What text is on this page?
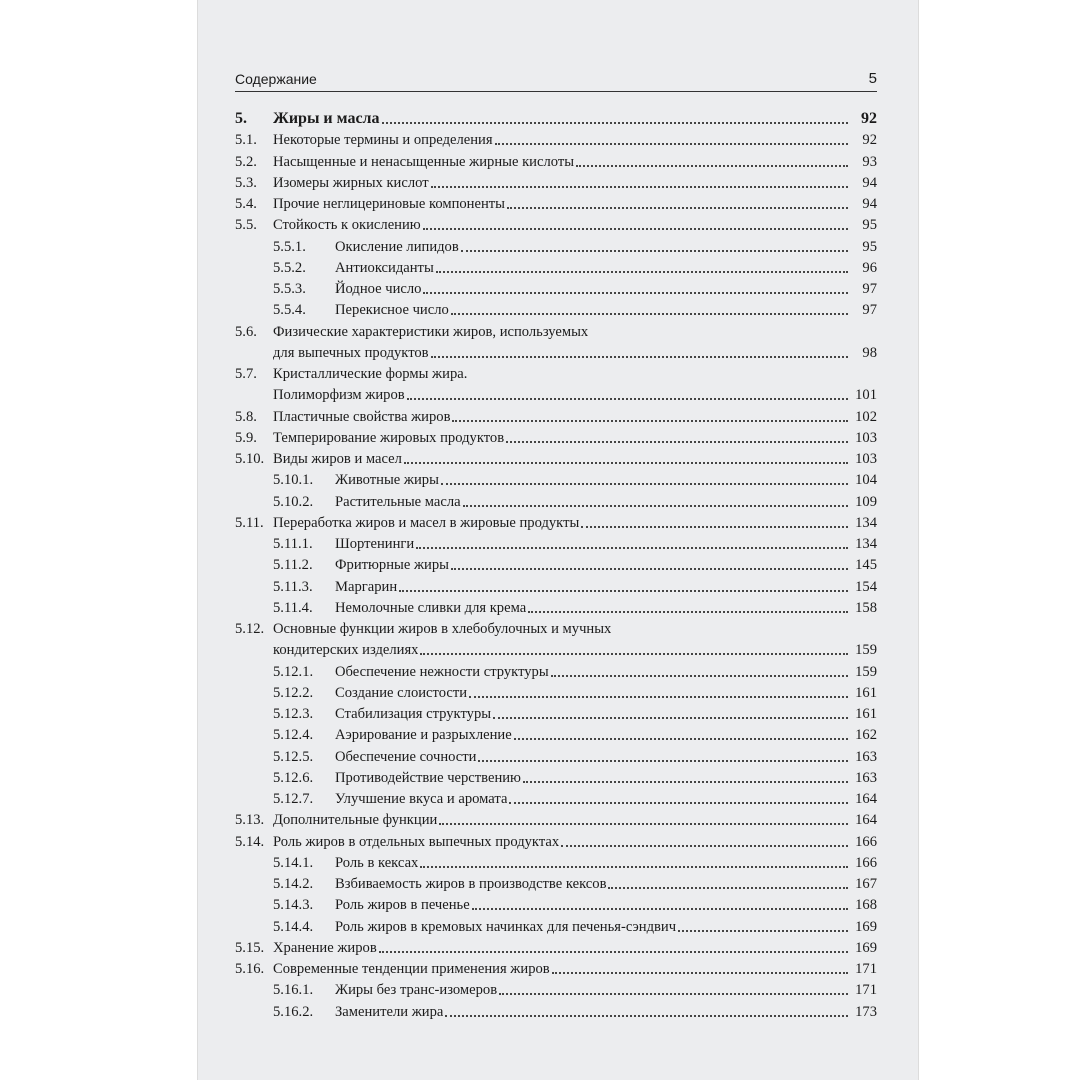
Содержание	5
5.	Жиры и масла	92
5.1.	Некоторые термины и определения	92
5.2.	Насыщенные и ненасыщенные жирные кислоты	93
5.3.	Изомеры жирных кислот	94
5.4.	Прочие неглицериновые компоненты	94
5.5.	Стойкость к окислению	95
5.5.1.	Окисление липидов	95
5.5.2.	Антиоксиданты	96
5.5.3.	Йодное число	97
5.5.4.	Перекисное число	97
5.6.	Физические характеристики жиров, используемых
для выпечных продуктов	98
5.7.	Кристаллические формы жира.
Полиморфизм жиров	101
5.8.	Пластичные свойства жиров	102
5.9.	Темперирование жировых продуктов	103
5.10. Виды жиров и масел	103
5.10.1.	Животные жиры	104
5.10.2.	Растительные масла	109
5.11. Переработка жиров и масел в жировые продукты	134
5.11.1.	Шортенинги	134
5.11.2.	Фритюрные жиры	145
5.11.3.	Маргарин	154
5.11.4.	Немолочные сливки для крема	158
5.12. Основные функции жиров в хлебобулочных и мучных
кондитерских изделиях	159
5.12.1.	Обеспечение нежности структуры	159
5.12.2.	Создание слоистости	161
5.12.3.	Стабилизация структуры	161
5.12.4.	Аэрирование и разрыхление	162
5.12.5.	Обеспечение сочности	163
5.12.6.	Противодействие черствению	163
5.12.7.	Улучшение вкуса и аромата	164
5.13. Дополнительные функции	164
5.14. Роль жиров в отдельных выпечных продуктах	166
5.14.1.	Роль в кексах	166
5.14.2.	Взбиваемость жиров в производстве кексов	167
5.14.3.	Роль жиров в печенье	168
5.14.4.	Роль жиров в кремовых начинках для печенья-сэндвич	169
5.15. Хранение жиров	169
5.16. Современные тенденции применения жиров	171
5.16.1.	Жиры без транс-изомеров	171
5.16.2.	Заменители жира	173
